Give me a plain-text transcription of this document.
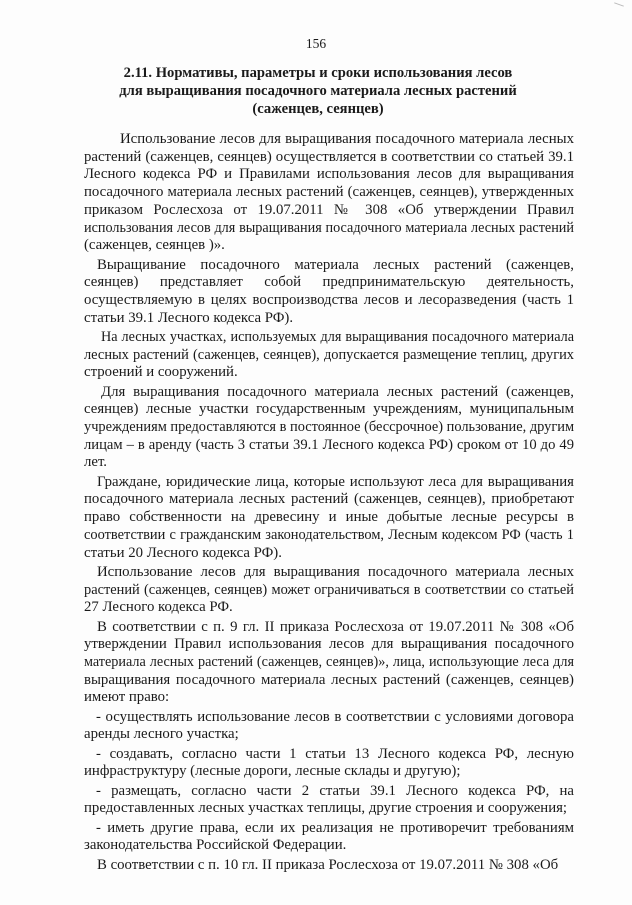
156
2.11. Нормативы, параметры и сроки использования лесов
для выращивания посадочного материала лесных растений
(саженцев, сеянцев)
Использование лесов для выращивания посадочного материала лесных
растений (саженцев, сеянцев) осуществляется в соответствии со статьей 39.1
Лесного кодекса РФ и Правилами использования лесов для выращивания
посадочного материала лесных растений (саженцев, сеянцев), утвержденных
приказом Рослесхоза от 19.07.2011 № 308 «Об утверждении Правил
использования лесов для выращивания посадочного материала лесных растений
(саженцев, сеянцев )».
Выращивание посадочного материала лесных растений (саженцев,
сеянцев) представляет собой предпринимательскую деятельность,
осуществляемую в целях воспроизводства лесов и лесоразведения (часть 1
статьи 39.1 Лесного кодекса РФ).
На лесных участках, используемых для выращивания посадочного материала
лесных растений (саженцев, сеянцев), допускается размещение теплиц, других
строений и сооружений.
Для выращивания посадочного материала лесных растений (саженцев,
сеянцев) лесные участки государственным учреждениям, муниципальным
учреждениям предоставляются в постоянное (бессрочное) пользование, другим
лицам – в аренду (часть 3 статьи 39.1 Лесного кодекса РФ) сроком от 10 до 49
лет.
Граждане, юридические лица, которые используют леса для выращивания
посадочного материала лесных растений (саженцев, сеянцев), приобретают
право собственности на древесину и иные добытые лесные ресурсы в
соответствии с гражданским законодательством, Лесным кодексом РФ (часть 1
статьи 20 Лесного кодекса РФ).
Использование лесов для выращивания посадочного материала лесных
растений (саженцев, сеянцев) может ограничиваться в соответствии со статьей
27 Лесного кодекса РФ.
В соответствии с п. 9 гл. II приказа Рослесхоза от 19.07.2011 № 308 «Об
утверждении Правил использования лесов для выращивания посадочного
материала лесных растений (саженцев, сеянцев)», лица, использующие леса для
выращивания посадочного материала лесных растений (саженцев, сеянцев)
имеют право:
- осуществлять использование лесов в соответствии с условиями договора
аренды лесного участка;
- создавать, согласно части 1 статьи 13 Лесного кодекса РФ, лесную
инфраструктуру (лесные дороги, лесные склады и другую);
- размещать, согласно части 2 статьи 39.1 Лесного кодекса РФ, на
предоставленных лесных участках теплицы, другие строения и сооружения;
- иметь другие права, если их реализация не противоречит требованиям
законодательства Российской Федерации.
В соответствии с п. 10 гл. II приказа Рослесхоза от 19.07.2011 № 308 «Об
